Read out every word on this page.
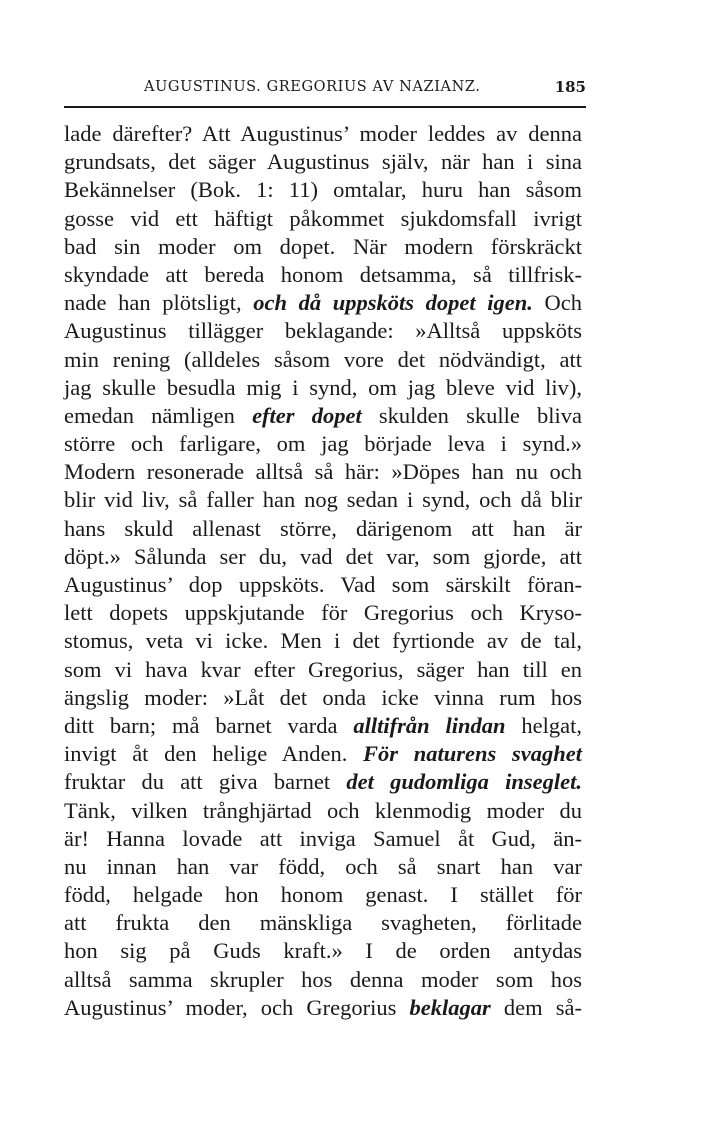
AUGUSTINUS. GREGORIUS AV NAZIANZ.	185
lade därefter? Att Augustinus’ moder leddes av denna
grundsats, det säger Augustinus själv, när han i sina
Bekännelser (Bok. 1: 11) omtalar, huru han såsom
gosse vid ett häftigt påkommet sjukdomsfall ivrigt
bad sin moder om dopet. När modern förskräckt
skyndade att bereda honom detsamma, så tillfrisk-
nade han plötsligt, och då uppsköts dopet igen. Och
Augustinus tillägger beklagande: »Alltså uppsköts
min rening (alldeles såsom vore det nödvändigt, att
jag skulle besudla mig i synd, om jag bleve vid liv),
emedan nämligen efter dopet skulden skulle bliva
större och farligare, om jag började leva i synd.»
Modern resonerade alltså så här: »Döpes han nu och
blir vid liv, så faller han nog sedan i synd, och då blir
hans skuld allenast större, därigenom att han är
döpt.» Sålunda ser du, vad det var, som gjorde, att
Augustinus’ dop uppsköts. Vad som särskilt föran-
lett dopets uppskjutande för Gregorius och Kryso-
stomus, veta vi icke. Men i det fyrtionde av de tal,
som vi hava kvar efter Gregorius, säger han till en
ängslig moder: »Låt det onda icke vinna rum hos
ditt barn; må barnet varda alltifrån lindan helgat,
invigt åt den helige Anden. För naturens svaghet
fruktar du att giva barnet det gudomliga inseglet.
Tänk, vilken trånghjärtad och klenmodig moder du
är! Hanna lovade att inviga Samuel åt Gud, än-
nu innan han var född, och så snart han var
född, helgade hon honom genast. I stället för
att frukta den mänskliga svagheten, förlitade
hon sig på Guds kraft.» I de orden antydas
alltså samma skrupler hos denna moder som hos
Augustinus’ moder, och Gregorius beklagar dem så-
